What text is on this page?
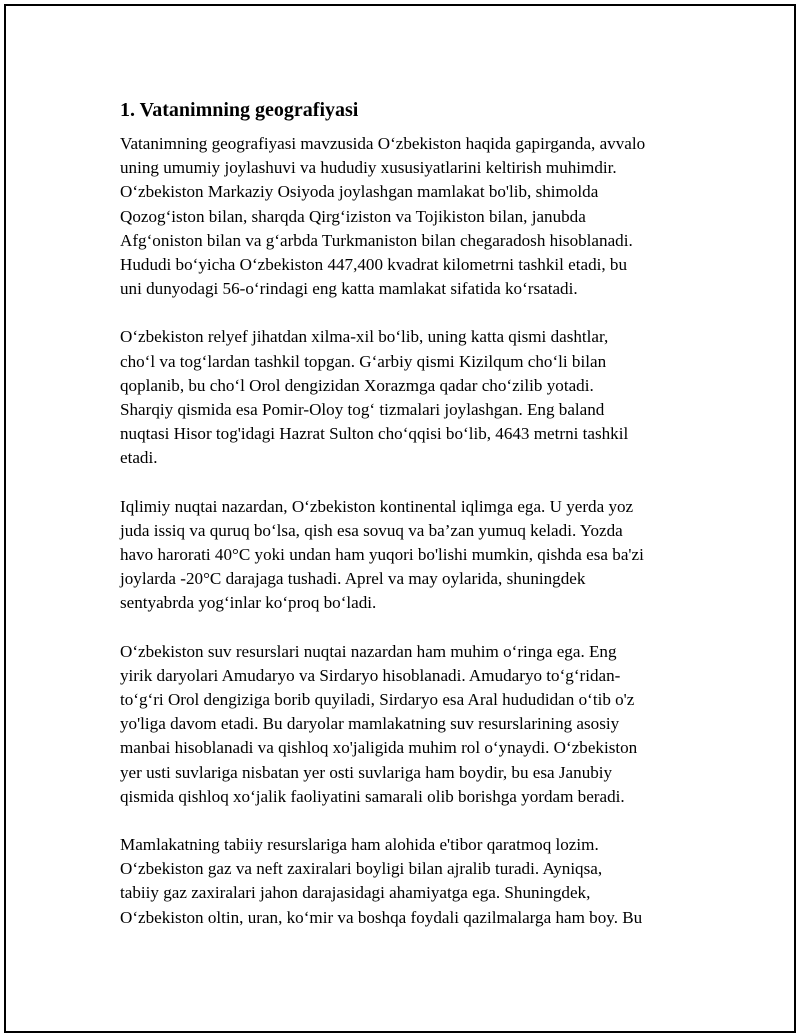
1. Vatanimning geografiyasi

Vatanimning geografiyasi mavzusida O‘zbekiston haqida gapirganda, avvalo
uning umumiy joylashuvi va hududiy xususiyatlarini keltirish muhimdir.
O‘zbekiston Markaziy Osiyoda joylashgan mamlakat bo'lib, shimolda
Qozog‘iston bilan, sharqda Qirg‘iziston va Tojikiston bilan, janubda
Afg‘oniston bilan va g‘arbda Turkmaniston bilan chegaradosh hisoblanadi.
Hududi bo‘yicha O‘zbekiston 447,400 kvadrat kilometrni tashkil etadi, bu
uni dunyodagi 56-o‘rindagi eng katta mamlakat sifatida ko‘rsatadi.

O‘zbekiston relyef jihatdan xilma-xil bo‘lib, uning katta qismi dashtlar,
cho‘l va tog‘lardan tashkil topgan. G‘arbiy qismi Kizilqum cho‘li bilan
qoplanib, bu cho‘l Orol dengizidan Xorazmga qadar cho‘zilib yotadi.
Sharqiy qismida esa Pomir-Oloy tog‘ tizmalari joylashgan. Eng baland
nuqtasi Hisor tog'idagi Hazrat Sulton cho‘qqisi bo‘lib, 4643 metrni tashkil
etadi.

Iqlimiy nuqtai nazardan, O‘zbekiston kontinental iqlimga ega. U yerda yoz
juda issiq va quruq bo‘lsa, qish esa sovuq va ba’zan yumuq keladi. Yozda
havo harorati 40°C yoki undan ham yuqori bo'lishi mumkin, qishda esa ba'zi
joylarda -20°C darajaga tushadi. Aprel va may oylarida, shuningdek
sentyabrda yog‘inlar ko‘proq bo‘ladi.

O‘zbekiston suv resurslari nuqtai nazardan ham muhim o‘ringa ega. Eng
yirik daryolari Amudaryo va Sirdaryo hisoblanadi. Amudaryo to‘g‘ridan-
to‘g‘ri Orol dengiziga borib quyiladi, Sirdaryo esa Aral hududidan o‘tib o'z
yo'liga davom etadi. Bu daryolar mamlakatning suv resurslarining asosiy
manbai hisoblanadi va qishloq xo'jaligida muhim rol o‘ynaydi. O‘zbekiston
yer usti suvlariga nisbatan yer osti suvlariga ham boydir, bu esa Janubiy
qismida qishloq xo‘jalik faoliyatini samarali olib borishga yordam beradi.

Mamlakatning tabiiy resurslariga ham alohida e'tibor qaratmoq lozim.
O‘zbekiston gaz va neft zaxiralari boyligi bilan ajralib turadi. Ayniqsa,
tabiiy gaz zaxiralari jahon darajasidagi ahamiyatga ega. Shuningdek,
O‘zbekiston oltin, uran, ko‘mir va boshqa foydali qazilmalarga ham boy. Bu
